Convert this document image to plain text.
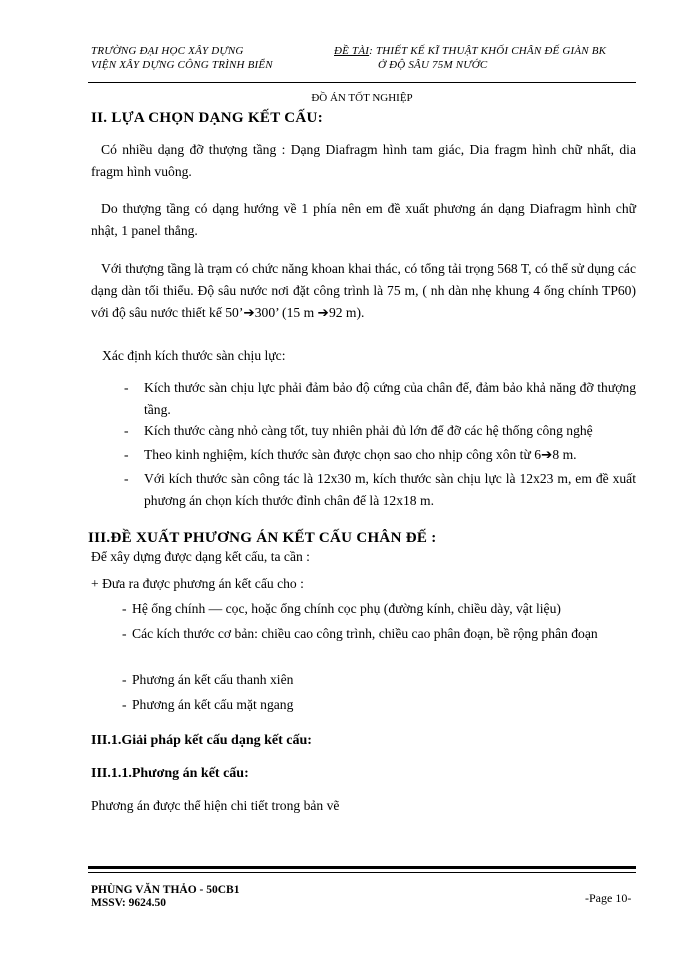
TRƯỜNG ĐẠI HỌC XÂY DỰNG
VIỆN XÂY DỰNG CÔNG TRÌNH BIỂN
ĐỀ TÀI: THIẾT KẾ KĨ THUẬT KHỐI CHÂN ĐẾ GIÀN BK
Ở ĐỘ SÂU 75M NƯỚC
ĐỒ ÁN TỐT NGHIỆP
II. LỰA CHỌN DẠNG KẾT CẤU:
Có nhiều dạng đỡ thượng tầng : Dạng Diafragm hình tam giác, Dia fragm hình chữ nhất, dia fragm hình vuông.
Do thượng tầng có dạng hướng về 1 phía nên em đề xuất phương án dạng Diafragm hình chữ nhật, 1 panel thẳng.
Với thượng tầng là trạm có chức năng khoan khai thác, có tổng tải trọng 568 T, có thể sử dụng các dạng dàn tối thiểu. Độ sâu nước nơi đặt công trình là 75 m, ( nh dàn nhẹ khung 4 ống chính TP60) với độ sâu nước thiết kế 50’➔300’ (15 m ➔92 m).
Xác định kích thước sàn chịu lực:
- Kích thước sàn chịu lực phải đảm bảo độ cứng của chân đế, đảm bảo khả năng đỡ thượng tầng.
- Kích thước càng nhỏ càng tốt, tuy nhiên phải đủ lớn để đỡ các hệ thống công nghệ
- Theo kinh nghiệm, kích thước sàn được chọn sao cho nhịp công xôn từ 6➔8 m.
- Với kích thước sàn công tác là 12x30 m, kích thước sàn chịu lực là 12x23 m, em đề xuất phương án chọn kích thước đỉnh chân đế là 12x18 m.
III.ĐỀ XUẤT PHƯƠNG ÁN KẾT CẤU CHÂN ĐẾ :
Để xây dựng được dạng kết cấu, ta cần :
+ Đưa ra được phương án kết cấu cho :
- Hệ ống chính — cọc, hoặc ống chính cọc phụ (đường kính, chiều dày, vật liệu)
- Các kích thước cơ bản: chiều cao công trình, chiều cao phân đoạn, bề rộng phân đoạn
- Phương án kết cấu thanh xiên
- Phương án kết cấu mặt ngang
III.1.Giải pháp kết cấu dạng kết cấu:
III.1.1.Phương án kết cấu:
Phương án được thể hiện chi tiết trong bản vẽ
PHÙNG VĂN THẢO - 50CB1
MSSV: 9624.50	-Page 10-
